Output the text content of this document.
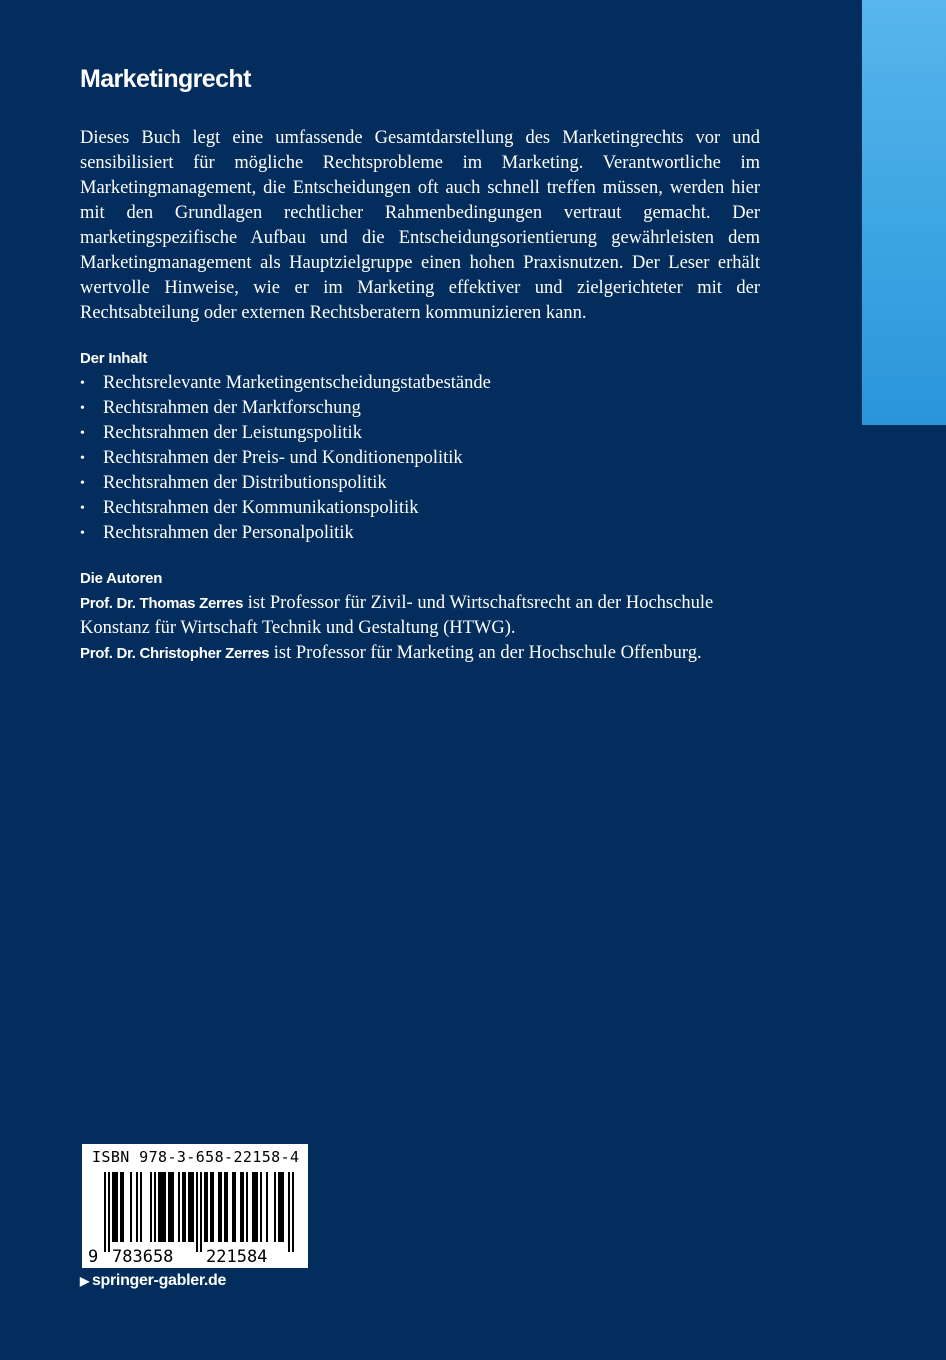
Marketingrecht

Dieses Buch legt eine umfassende Gesamtdarstellung des Marketingrechts vor und sensibilisiert für mögliche Rechtsprobleme im Marketing. Verantwortliche im Marketingmanagement, die Entscheidungen oft auch schnell treffen müssen, werden hier mit den Grundlagen rechtlicher Rahmenbedingungen vertraut gemacht. Der marketingspezifische Aufbau und die Entscheidungsorientierung gewährleisten dem Marketingmanagement als Hauptzielgruppe einen hohen Praxisnutzen. Der Leser erhält wertvolle Hinweise, wie er im Marketing effektiver und zielgerichteter mit der Rechtsabteilung oder externen Rechtsberatern kommunizieren kann.

Der Inhalt
• Rechtsrelevante Marketingentscheidungstatbestände
• Rechtsrahmen der Marktforschung
• Rechtsrahmen der Leistungspolitik
• Rechtsrahmen der Preis- und Konditionenpolitik
• Rechtsrahmen der Distributionspolitik
• Rechtsrahmen der Kommunikationspolitik
• Rechtsrahmen der Personalpolitik
Die Autoren

Prof. Dr. Thomas Zerres ist Professor für Zivil- und Wirtschaftsrecht an der Hochschule Konstanz für Wirtschaft Technik und Gestaltung (HTWG).

Prof. Dr. Christopher Zerres ist Professor für Marketing an der Hochschule Offenburg.

ISBN 978-3-658-22158-4
9 783658 221584
▶ springer-gabler.de
